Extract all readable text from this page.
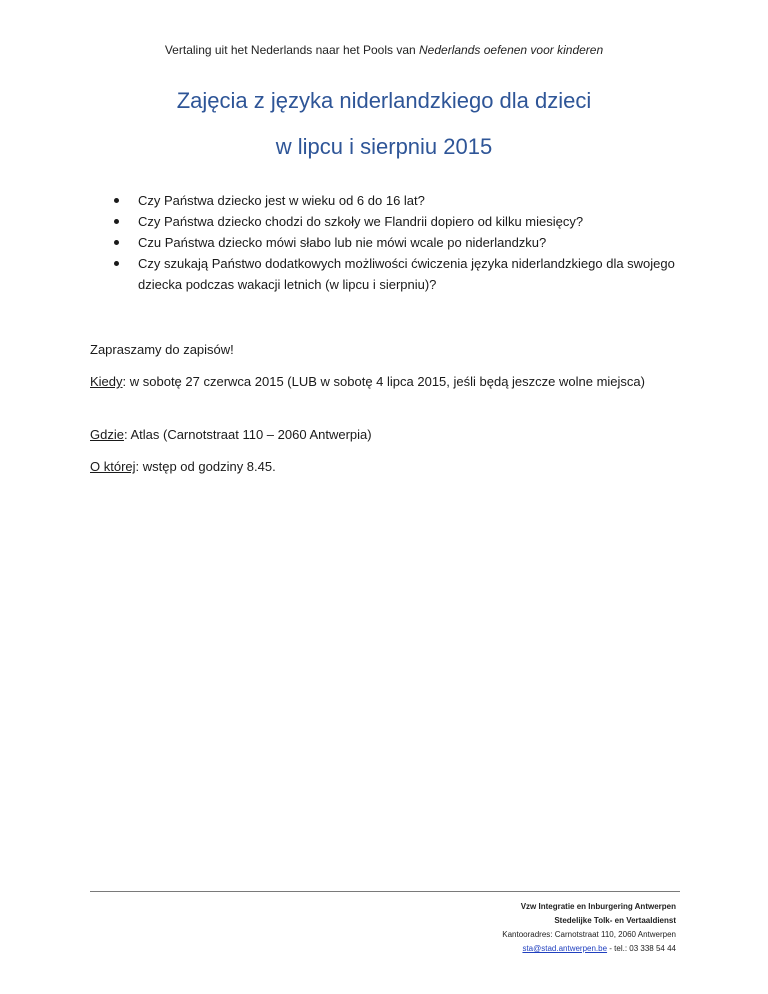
Vertaling uit het Nederlands naar het Pools van Nederlands oefenen voor kinderen
Zajęcia z języka niderlandzkiego dla dzieci
w lipcu i sierpniu 2015
Czy Państwa dziecko jest w wieku od 6 do 16 lat?
Czy Państwa dziecko chodzi do szkoły we Flandrii dopiero od kilku miesięcy?
Czu Państwa dziecko mówi słabo lub nie mówi wcale po niderlandzku?
Czy szukają Państwo dodatkowych możliwości ćwiczenia języka niderlandzkiego dla swojego dziecka podczas wakacji letnich (w lipcu i sierpniu)?

Zapraszamy do zapisów!

Kiedy: w sobotę 27 czerwca 2015 (LUB w sobotę 4 lipca 2015, jeśli będą jeszcze wolne miejsca)

Gdzie: Atlas (Carnotstraat 110 – 2060 Antwerpia)

O której: wstęp od godziny 8.45.

Vzw Integratie en Inburgering Antwerpen
Stedelijke Tolk- en Vertaaldienst
Kantooradres: Carnotstraat 110, 2060 Antwerpen
sta@stad.antwerpen.be - tel.: 03 338 54 44
